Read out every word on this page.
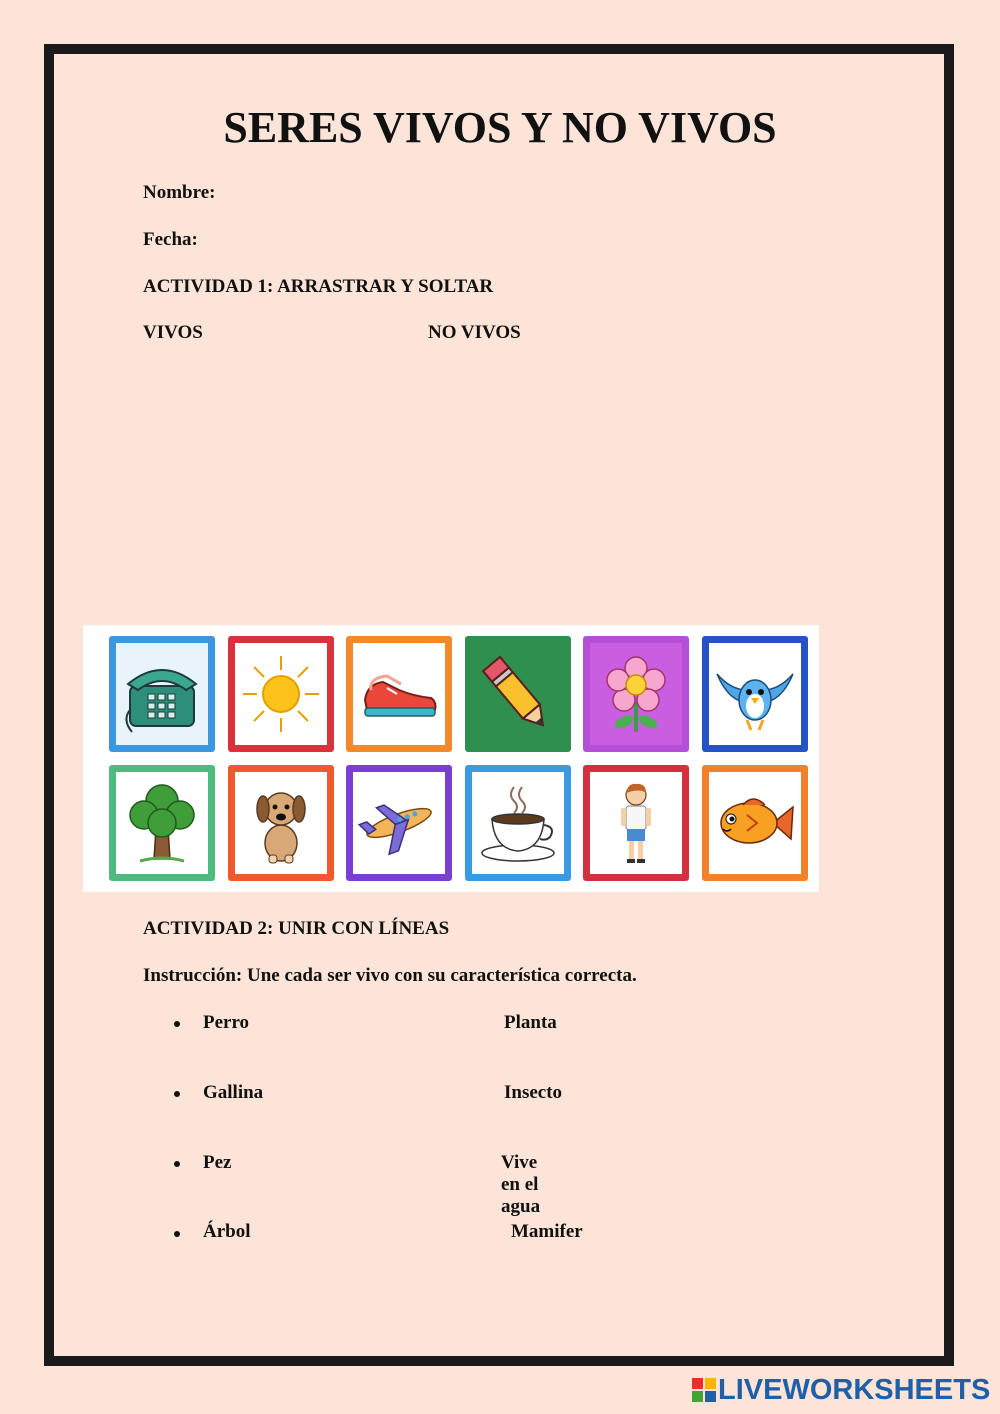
SERES VIVOS Y NO VIVOS

Nombre:

Fecha:

ACTIVIDAD 1: ARRASTRAR Y SOLTAR

VIVOS	NO VIVOS

ACTIVIDAD 2: UNIR CON LÍNEAS

Instrucción: Une cada ser vivo con su característica correcta.

Perro	Planta
Gallina	Insecto
Pez	Vive en el agua
Árbol	Mamifer
LIVEWORKSHEETS
